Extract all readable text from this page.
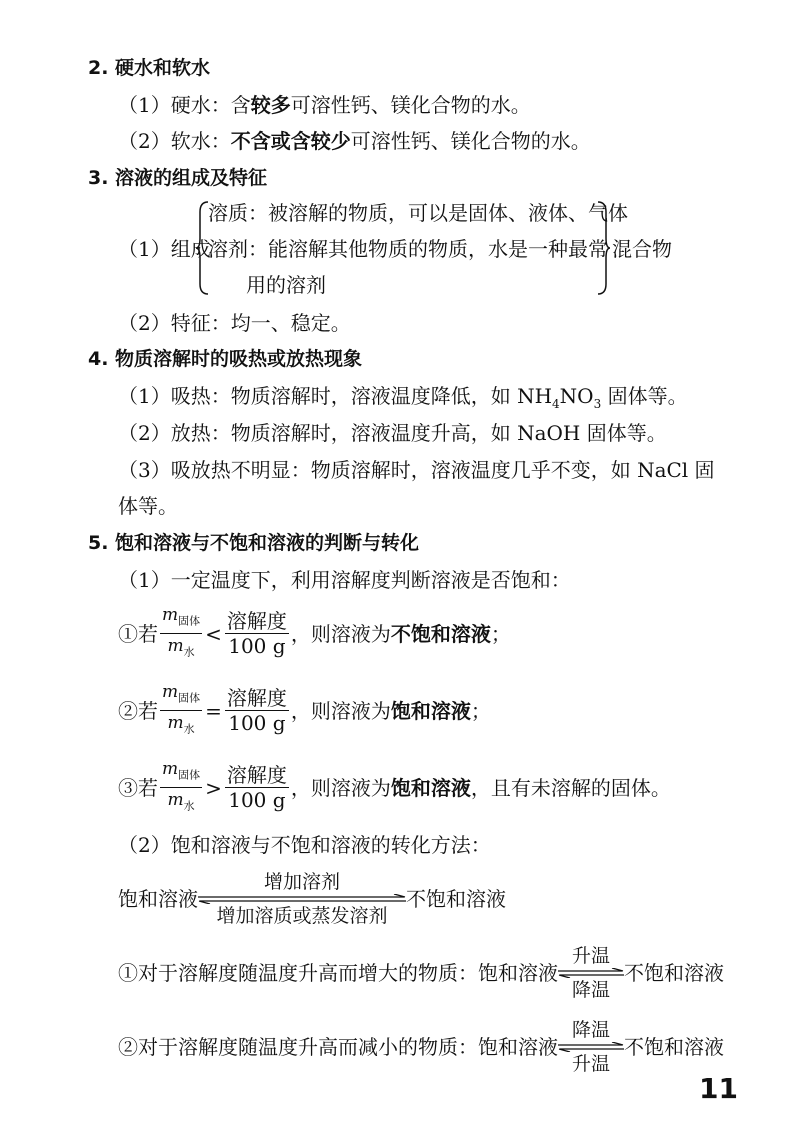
2. 硬水和软水
（1）硬水：含较多可溶性钙、镁化合物的水。
（2）软水：不含或含较少可溶性钙、镁化合物的水。
3. 溶液的组成及特征
（1）组成
溶质：被溶解的物质，可以是固体、液体、气体
溶剂：能溶解其他物质的物质，水是一种最常
用的溶剂
混合物
（2）特征：均一、稳定。
4. 物质溶解时的吸热或放热现象
（1）吸热：物质溶解时，溶液温度降低，如 $NH_4NO_3$ 固体等。
（2）放热：物质溶解时，溶液温度升高，如 NaOH 固体等。
（3）吸放热不明显：物质溶解时，溶液温度几乎不变，如 NaCl 固
体等。
5. 饱和溶液与不饱和溶液的判断与转化
（1）一定温度下，利用溶解度判断溶液是否饱和：
①若 $\frac{m_{固体}}{m_水} < \frac{\text{溶解度}}{100 g}$ ，则溶液为 不饱和溶液 ；
②若 $\frac{m_{固体}}{m_水} = \frac{\text{溶解度}}{100 g}$ ，则溶液为 饱和溶液 ；
③若 $\frac{m_{固体}}{m_水} > \frac{\text{溶解度}}{100 g}$ ，则溶液为 饱和溶液 ，且有未溶解的固体。
（2）饱和溶液与不饱和溶液的转化方法：
饱和溶液
增加溶剂
增加溶质或蒸发溶剂
不饱和溶液
①对于溶解度随温度升高而增大的物质：饱和溶液
升温
降温
不饱和溶液
②对于溶解度随温度升高而减小的物质：饱和溶液
降温
升温
不饱和溶液
11
